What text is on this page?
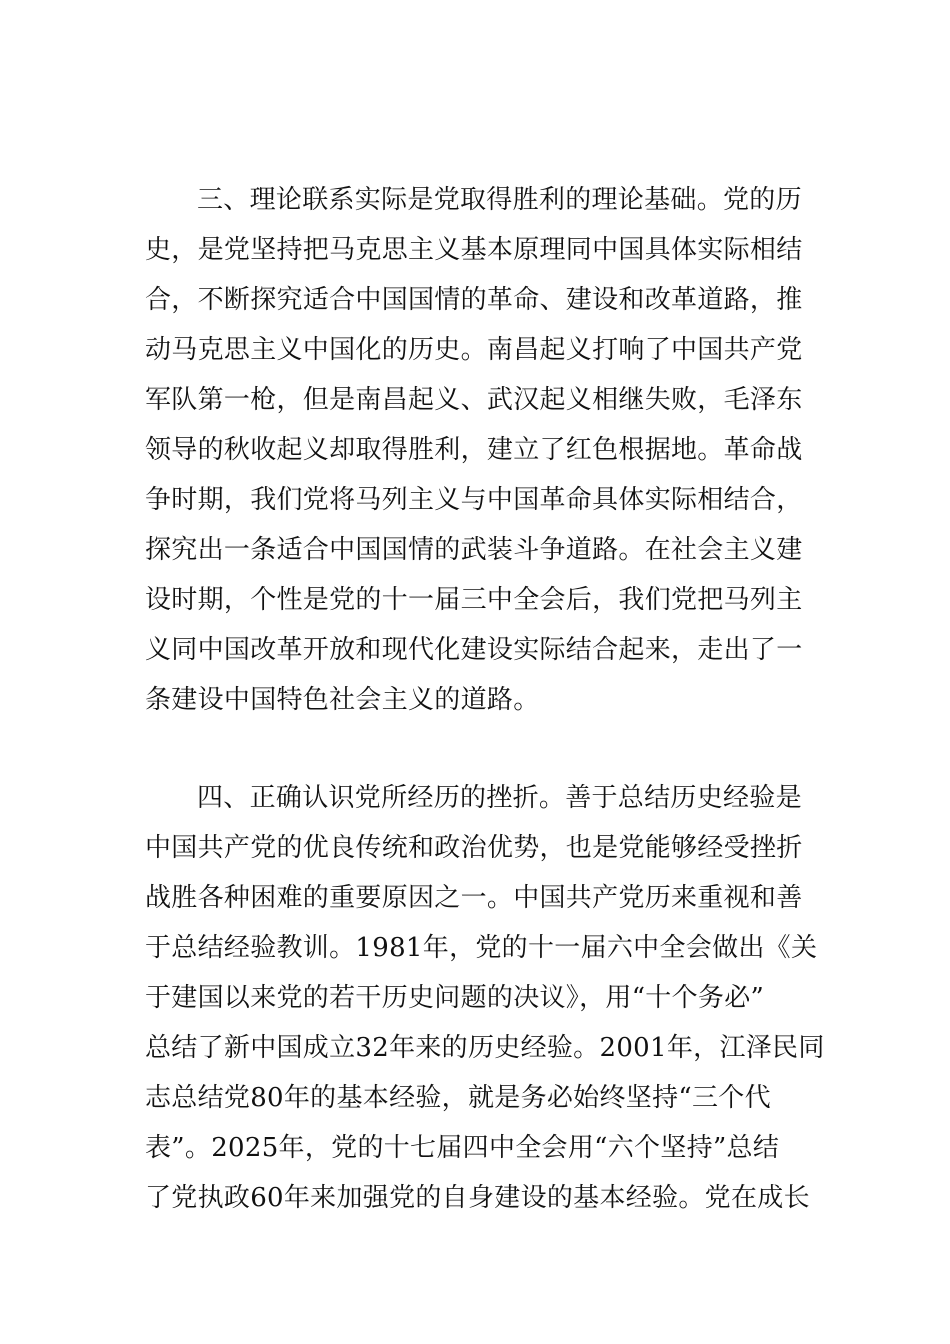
三、理论联系实际是党取得胜利的理论基础。党的历
史，是党坚持把马克思主义基本原理同中国具体实际相结
合，不断探究适合中国国情的革命、建设和改革道路，推
动马克思主义中国化的历史。南昌起义打响了中国共产党
军队第一枪，但是南昌起义、武汉起义相继失败，毛泽东
领导的秋收起义却取得胜利，建立了红色根据地。革命战
争时期，我们党将马列主义与中国革命具体实际相结合，
探究出一条适合中国国情的武装斗争道路。在社会主义建
设时期，个性是党的十一届三中全会后，我们党把马列主
义同中国改革开放和现代化建设实际结合起来，走出了一
条建设中国特色社会主义的道路。
四、正确认识党所经历的挫折。善于总结历史经验是
中国共产党的优良传统和政治优势，也是党能够经受挫折
战胜各种困难的重要原因之一。中国共产党历来重视和善
于总结经验教训。1981年，党的十一届六中全会做出《关
于建国以来党的若干历史问题的决议》，用“十个务必”
总结了新中国成立32年来的历史经验。2001年，江泽民同
志总结党80年的基本经验，就是务必始终坚持“三个代
表”。2025年，党的十七届四中全会用“六个坚持”总结
了党执政60年来加强党的自身建设的基本经验。党在成长
